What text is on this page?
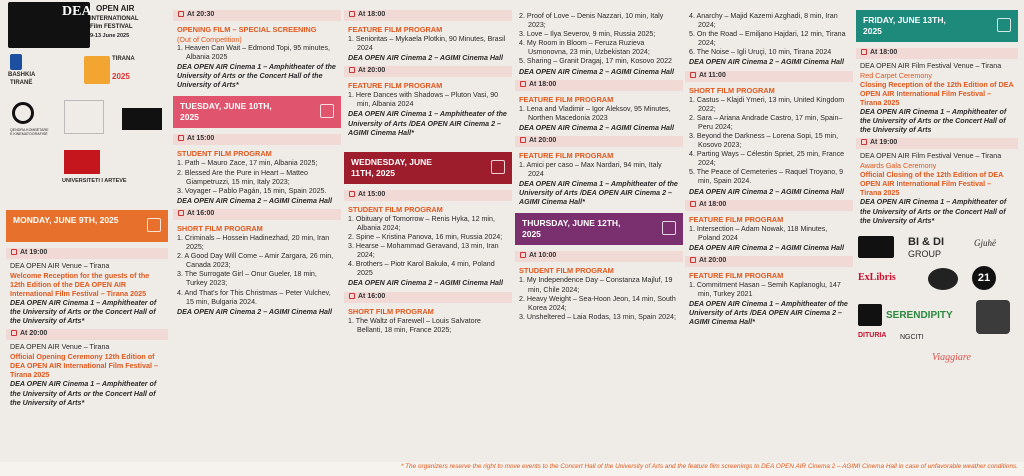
DEA OPEN AIR
INTERNATIONAL
Film FESTIVAL
9-13 June 2025
BASHKIA
TIRANË
TIRANA
2025
QENDRA KOMBËTARE E KINEMATOGRAFISË
UNIVERSITETI I ARTEVE
MONDAY, JUNE 9TH, 2025
At 19:00
DEA OPEN AIR Venue – Tirana
Welcome Reception for the guests of the 12th Edition of the DEA OPEN AIR International Film Festival – Tirana 2025
DEA OPEN AIR Cinema 1 – Amphitheater of the University of Arts or the Concert Hall of the University of Arts*
At 20:00
DEA OPEN AIR Venue – Tirana
Official Opening Ceremony 12th Edition of DEA OPEN AIR International Film Festival – Tirana 2025
DEA OPEN AIR Cinema 1 – Amphitheater of the University of Arts or the Concert Hall of the University of Arts*
At 20:30
OPENING FILM – SPECIAL SCREENING
(Out of Competition)
1. Heaven Can Wait – Edmond Topi, 95 minutes, Albania 2025
DEA OPEN AIR Cinema 1 – Amphitheater of the University of Arts or the Concert Hall of the University of Arts*
TUESDAY, JUNE 10TH, 2025
At 15:00
STUDENT FILM PROGRAM
1. Path – Mauro Zace, 17 min, Albania 2025;
2. Blessed Are the Pure in Heart – Matteo Giampetruzzi, 15 min, Italy 2023;
3. Voyager – Pablo Pagán, 15 min, Spain 2025.
DEA OPEN AIR Cinema 2 – AGIMI Cinema Hall
At 16:00
SHORT FILM PROGRAM
1. Criminals – Hossein Hadinezhad, 20 min, Iran 2025;
2. A Good Day Will Come – Amir Zargara, 26 min, Canada 2023;
3. The Surrogate Girl – Onur Gueler, 18 min, Turkey 2023;
4. And That's for This Christmas – Peter Vulchev, 15 min, Bulgaria 2024.
DEA OPEN AIR Cinema 2 – AGIMI Cinema Hall
At 18:00
FEATURE FILM PROGRAM
1. Senioritas – Mykaela Plotkin, 90 Minutes, Brasil 2024
DEA OPEN AIR Cinema 2 – AGIMI Cinema Hall
At 20:00
FEATURE FILM PROGRAM
1. Here Dances with Shadows – Pluton Vasi, 90 min, Albania 2024
DEA OPEN AIR Cinema 1 – Amphitheater of the University of Arts /DEA OPEN AIR Cinema 2 – AGIMI Cinema Hall*
WEDNESDAY, JUNE 11TH, 2025
At 15:00
STUDENT FILM PROGRAM
1. Obituary of Tomorrow – Renis Hyka, 12 min, Albania 2024;
2. Spine – Kristina Panova, 16 min, Russia 2024;
3. Hearse – Mohammad Geravand, 13 min, Iran 2024;
4. Brothers – Piotr Karol Bakuła, 4 min, Poland 2025
DEA OPEN AIR Cinema 2 – AGIMI Cinema Hall
At 16:00
SHORT FILM PROGRAM
1. The Waltz of Farewell – Louis Salvatore Bellanti, 18 min, France 2025;
2. Proof of Love – Denis Nazzari, 10 min, Italy 2023;
3. Love – Ilya Severov, 9 min, Russia 2025;
4. My Room in Bloom – Feruza Ruzieva Usmonovna, 23 min, Uzbekistan 2024;
5. Sharing – Granit Dragaj, 17 min, Kosovo 2022
DEA OPEN AIR Cinema 2 – AGIMI Cinema Hall
At 18:00
FEATURE FILM PROGRAM
1. Lena and Vladimir – Igor Aleksov, 95 Minutes, Northen Macedonia 2023
DEA OPEN AIR Cinema 2 – AGIMI Cinema Hall
At 20:00
FEATURE FILM PROGRAM
1. Amici per caso – Max Nardari, 94 min, Italy 2024
DEA OPEN AIR Cinema 1 – Amphitheater of the University of Arts /DEA OPEN AIR Cinema 2 – AGIMI Cinema Hall*
THURSDAY, JUNE 12TH, 2025
At 10:00
STUDENT FILM PROGRAM
1. My Independence Day – Constanza Majluf, 19 min, Chile 2024;
2. Heavy Weight – Sea-Hoon Jeon, 14 min, South Korea 2024;
3. Unsheltered – Laia Rodas, 13 min, Spain 2024;
4. Anarchy – Majid Kazemi Azghadi, 8 min, Iran 2024;
5. On the Road – Emiljano Hajdari, 12 min, Tirana 2024;
6. The Noise – Igli Uruçi, 10 min, Tirana 2024
DEA OPEN AIR Cinema 2 – AGIMI Cinema Hall
At 11:00
SHORT FILM PROGRAM
1. Castus – Klajdi Ymeri, 13 min, United Kingdom 2022;
2. Sara – Ariana Andrade Castro, 17 min, Spain–Peru 2024;
3. Beyond the Darkness – Lorena Sopi, 15 min, Kosovo 2023;
4. Parting Ways – Célestin Spriet, 25 min, France 2024;
5. The Peace of Cemeteries – Raquel Troyano, 9 min, Spain 2024.
DEA OPEN AIR Cinema 2 – AGIMI Cinema Hall
At 18:00
FEATURE FILM PROGRAM
1. Intersection – Adam Nowak, 118 Minutes, Poland 2024
DEA OPEN AIR Cinema 2 – AGIMI Cinema Hall
At 20:00
FEATURE FILM PROGRAM
1. Commitment Hasan – Semih Kaplanoglu, 147 min, Turkey 2021
DEA OPEN AIR Cinema 1 – Amphitheater of the University of Arts /DEA OPEN AIR Cinema 2 – AGIMI Cinema Hall*
FRIDAY, JUNE 13TH, 2025
At 18:00
DEA OPEN AIR Film Festival Venue – Tirana
Red Carpet Ceremony
Closing Reception of the 12th Edition of DEA OPEN AIR International Film Festival – Tirana 2025
DEA OPEN AIR Cinema 1 – Amphitheater of the University of Arts or the Concert Hall of the University of Arts
At 19:00
DEA OPEN AIR Film Festival Venue – Tirana
Awards Gala Ceremony
Official Closing of the 12th Edition of DEA OPEN AIR International Film Festival – Tirana 2025
DEA OPEN AIR Cinema 1 – Amphitheater of the University of Arts or the Concert Hall of the University of Arts*
BI & DI
GROUP
Gjuhë
ExLibris	21
SERENDIPITY
DITURIA NGCITI
Viaggiare
* The organizers reserve the right to move events to the Concert Hall of the University of Arts and the feature film screenings to DEA OPEN AIR Cinema 2 – AGIMI Cinema Hall in case of unfavorable weather conditions.
